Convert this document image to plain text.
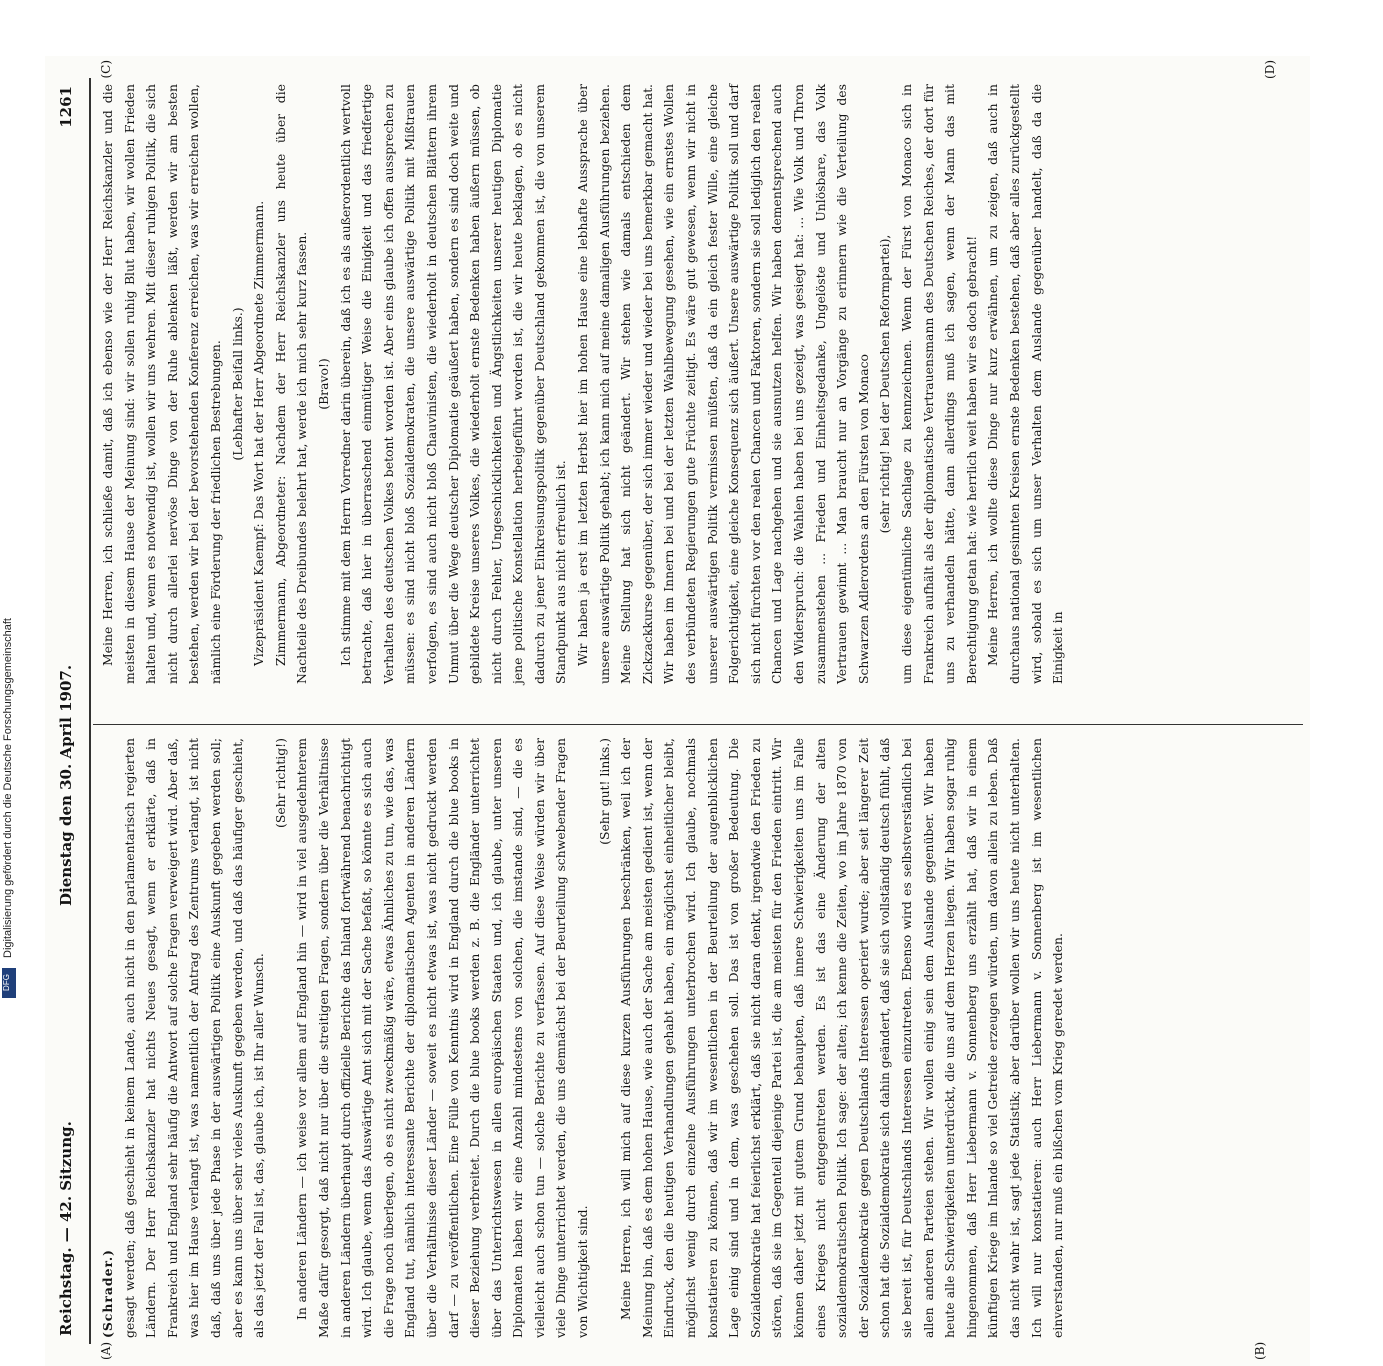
Reichstag. — 42. Sitzung.
Dienstag den 30. April 1907.
1261
(A)	(B)
(C)	(D)

(Schrader.) gesagt werden; daß geschieht in keinem Lande, auch nicht in den parlamentarisch regierten Ländern. Der Herr Reichskanzler hat nichts Neues gesagt, wenn er erklärte, daß in Frankreich und England sehr häufig die Antwort auf solche Fragen verweigert wird. Aber daß, was hier im Hause verlangt ist, was namentlich der Antrag des Zentrums verlangt, ist nicht daß, daß uns über jede Phase in der auswärtigen Politik eine Auskunft gegeben werden soll; aber es kann uns über sehr vieles Auskunft gegeben werden, und daß das häufiger geschieht, als das jetzt der Fall ist, das, glaube ich, ist Ihr aller Wunsch.

(Sehr richtig!) In anderen Ländern — ich weise vor allem auf England hin — wird in viel ausgedehnterem Maße dafür gesorgt, daß nicht nur über die streitigen Fragen, sondern über die Verhältnisse in anderen Ländern überhaupt durch offizielle Berichte das Inland fortwährend benachrichtigt wird. Ich glaube, wenn das Auswärtige Amt sich mit der Sache befaßt, so könnte es sich auch die Frage noch überlegen, ob es nicht zweckmäßig wäre, etwas Ähnliches zu tun, wie das, was England tut, nämlich interessante Berichte der diplomatischen Agenten in anderen Ländern über die Verhältnisse dieser Länder — soweit es nicht etwas ist, was nicht gedruckt werden darf — zu veröffentlichen. Eine Fülle von Kenntnis wird in England durch die blue books in dieser Beziehung verbreitet. Durch die blue books werden z. B. die Engländer unterrichtet über das Unterrichtswesen in allen europäischen Staaten und, ich glaube, unter unseren Diplomaten haben wir eine Anzahl mindestens von solchen, die imstande sind, — die es vielleicht auch schon tun — solche Berichte zu verfassen. Auf diese Weise würden wir über viele Dinge unterrichtet werden, die uns demnächst bei der Beurteilung schwebender Fragen von Wichtigkeit sind.

(Sehr gut! links.) Meine Herren, ich will mich auf diese kurzen Ausführungen beschränken, weil ich der Meinung bin, daß es dem hohen Hause, wie auch der Sache am meisten gedient ist, wenn der Eindruck, den die heutigen Verhandlungen gehabt haben, ein möglichst einheitlicher bleibt, möglichst wenig durch einzelne Ausführungen unterbrochen wird. Ich glaube, nochmals konstatieren zu können, daß wir im wesentlichen in der Beurteilung der augenblicklichen Lage einig sind und in dem, was geschehen soll. Das ist von großer Bedeutung. Die Sozialdemokratie hat feierlichst erklärt, daß sie nicht daran denkt, irgendwie den Frieden zu stören, daß sie im Gegenteil diejenige Partei ist, die am meisten für den Frieden eintritt. Wir können daher jetzt mit gutem Grund behaupten, daß innere Schwierigkeiten uns im Falle eines Krieges nicht entgegentreten werden. Es ist das eine Änderung der alten sozialdemokratischen Politik. Ich sage: der alten; ich kenne die Zeiten, wo im Jahre 1870 von der Sozialdemokratie gegen Deutschlands Interessen operiert wurde; aber seit längerer Zeit schon hat die Sozialdemokratie sich dahin geändert, daß sie sich vollständig deutsch fühlt, daß sie bereit ist, für Deutschlands Interessen einzutreten. Ebenso wird es selbstverständlich bei allen anderen Parteien stehen. Wir wollen einig sein dem Auslande gegenüber. Wir haben heute alle Schwierigkeiten unterdrückt, die uns auf dem Herzen liegen. Wir haben sogar ruhig hingenommen, daß Herr Liebermann v. Sonnenberg uns erzählt hat, daß wir in einem künftigen Kriege im Inlande so viel Getreide erzeugen würden, um davon allein zu leben. Daß das nicht wahr ist, sagt jede Statistik; aber darüber wollen wir uns heute nicht unterhalten. Ich will nur konstatieren: auch Herr Liebermann v. Sonnenberg ist im wesentlichen einverstanden, nur muß ein bißchen vom Krieg geredet werden.

Meine Herren, ich schließe damit, daß ich ebenso wie der Herr Reichskanzler und die meisten in diesem Hause der Meinung sind: wir sollen ruhig Blut haben, wir wollen Frieden halten und, wenn es notwendig ist, wollen wir uns wehren. Mit dieser ruhigen Politik, die sich nicht durch allerlei nervöse Dinge von der Ruhe ablenken läßt, werden wir am besten bestehen, werden wir bei der bevorstehenden Konferenz erreichen, was wir erreichen wollen, nämlich eine Förderung der friedlichen Bestrebungen. (Lebhafter Beifall links.) Vizepräsident Kaempf: Das Wort hat der Herr Abgeordnete Zimmermann. Zimmermann, Abgeordneter: Nachdem der Herr Reichskanzler uns heute über die Nachteile des Dreibundes belehrt hat, werde ich mich sehr kurz fassen. (Bravo!) Ich stimme mit dem Herrn Vorredner darin überein, daß ich es als außerordentlich wertvoll betrachte, daß hier in überraschend einmütiger Weise die Einigkeit und das friedfertige Verhalten des deutschen Volkes betont worden ist. Aber eins glaube ich offen aussprechen zu müssen: es sind nicht bloß Sozialdemokraten, die unsere auswärtige Politik mit Mißtrauen verfolgen, es sind auch nicht bloß Chauvinisten, die wiederholt in deutschen Blättern ihrem Unmut über die Wege deutscher Diplomatie geäußert haben, sondern es sind doch weite und gebildete Kreise unseres Volkes, die wiederholt ernste Bedenken haben äußern müssen, ob nicht durch Fehler, Ungeschicklichkeiten und Ängstlichkeiten unserer heutigen Diplomatie jene politische Konstellation herbeigeführt worden ist, die wir heute beklagen, ob es nicht dadurch zu jener Einkreisungspolitik gegenüber Deutschland gekommen ist, die von unserem Standpunkt aus nicht erfreulich ist. Wir haben ja erst im letzten Herbst hier im hohen Hause eine lebhafte Aussprache über unsere auswärtige Politik gehabt; ich kann mich auf meine damaligen Ausführungen beziehen. Meine Stellung hat sich nicht geändert. Wir stehen wie damals entschieden dem Zickzackkurse gegenüber, der sich immer wieder und wieder bei uns bemerkbar gemacht hat. Wir haben im Innern bei und bei der letzten Wahlbewegung gesehen, wie ein ernstes Wollen des verbündeten Regierungen gute Früchte zeitigt. Es wäre gut gewesen, wenn wir nicht in unserer auswärtigen Politik vermissen müßten, daß da ein gleich fester Wille, eine gleiche Folgerichtigkeit, eine gleiche Konsequenz sich äußert. Unsere auswärtige Politik soll und darf sich nicht fürchten vor den realen Chancen und Faktoren, sondern sie soll lediglich den realen Chancen und Lage nachgehen und sie ausnutzen helfen. Wir haben dementsprechend auch den Widerspruch: die Wahlen haben bei uns gezeigt, was gesiegt hat: ... Wie Volk und Thron zusammenstehen ... Frieden und Einheitsgedanke, Ungelöste und Unlösbare, das Volk Vertrauen gewinnt ... Man braucht nur an Vorgänge zu erinnern wie die Verteilung des Schwarzen Adlerordens an den Fürsten von Monaco (sehr richtig! bei der Deutschen Reformpartei), um diese eigentümliche Sachlage zu kennzeichnen. Wenn der Fürst von Monaco sich in Frankreich aufhält als der diplomatische Vertrauensmann des Deutschen Reiches, der dort für uns zu verhandeln hätte, dann allerdings muß ich sagen, wenn der Mann das mit Berechtigung getan hat: wie herrlich weit haben wir es doch gebracht! Meine Herren, ich wollte diese Dinge nur kurz erwähnen, um zu zeigen, daß auch in durchaus national gesinnten Kreisen ernste Bedenken bestehen, daß aber alles zurückgestellt wird, sobald es sich um unser Verhalten dem Auslande gegenüber handelt, daß da die Einigkeit in

Digitalisierung gefördert durch die Deutsche Forschungsgemeinschaft
DFG
